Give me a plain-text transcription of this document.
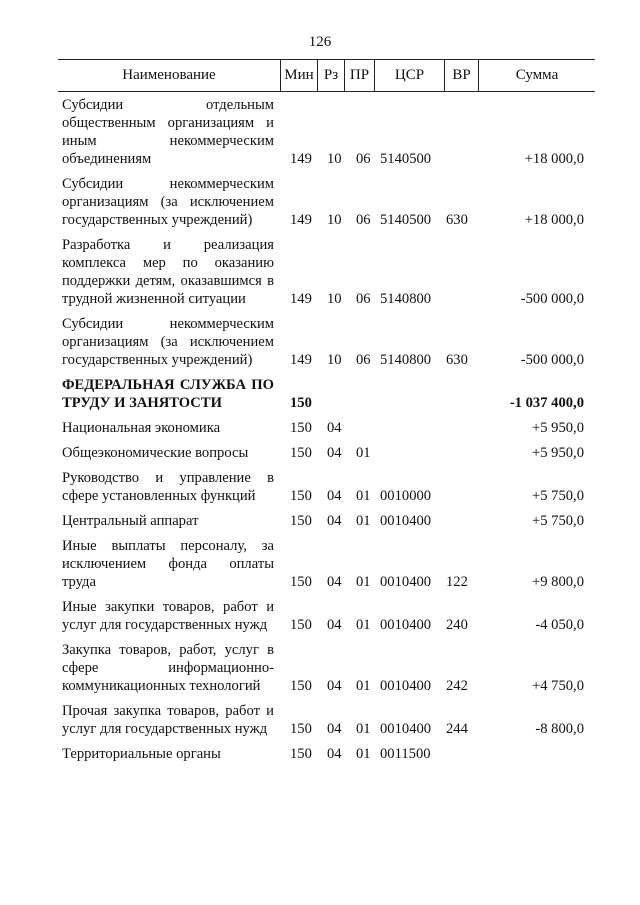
126
Наименование	Мин Рз ПР	ЦСР	ВР	Сумма
Субсидии отдельным общественным организациям и иным некоммерческим объединениям	149 10 06 5140500	+18 000,0
Субсидии некоммерческим организациям (за исключением государственных учреждений)	149 10 06 5140500 630	+18 000,0
Разработка и реализация комплекса мер по оказанию поддержки детям, оказавшимся в трудной жизненной ситуации	149 10 06 5140800	-500 000,0
Субсидии некоммерческим организациям (за исключением государственных учреждений)	149 10 06 5140800 630	-500 000,0
ФЕДЕРАЛЬНАЯ СЛУЖБА ПО ТРУДУ И ЗАНЯТОСТИ	150	-1 037 400,0
Национальная экономика	150 04	+5 950,0
Общеэкономические вопросы	150 04 01	+5 950,0
Руководство и управление в сфере установленных функций	150 04 01 0010000	+5 750,0
Центральный аппарат	150 04 01 0010400	+5 750,0
Иные выплаты персоналу, за исключением фонда оплаты труда	150 04 01 0010400 122	+9 800,0
Иные закупки товаров, работ и услуг для государственных нужд	150 04 01 0010400 240	-4 050,0
Закупка товаров, работ, услуг в сфере информационно-коммуникационных технологий	150 04 01 0010400 242	+4 750,0
Прочая закупка товаров, работ и услуг для государственных нужд	150 04 01 0010400 244	-8 800,0
Территориальные органы	150 04 01 0011500
